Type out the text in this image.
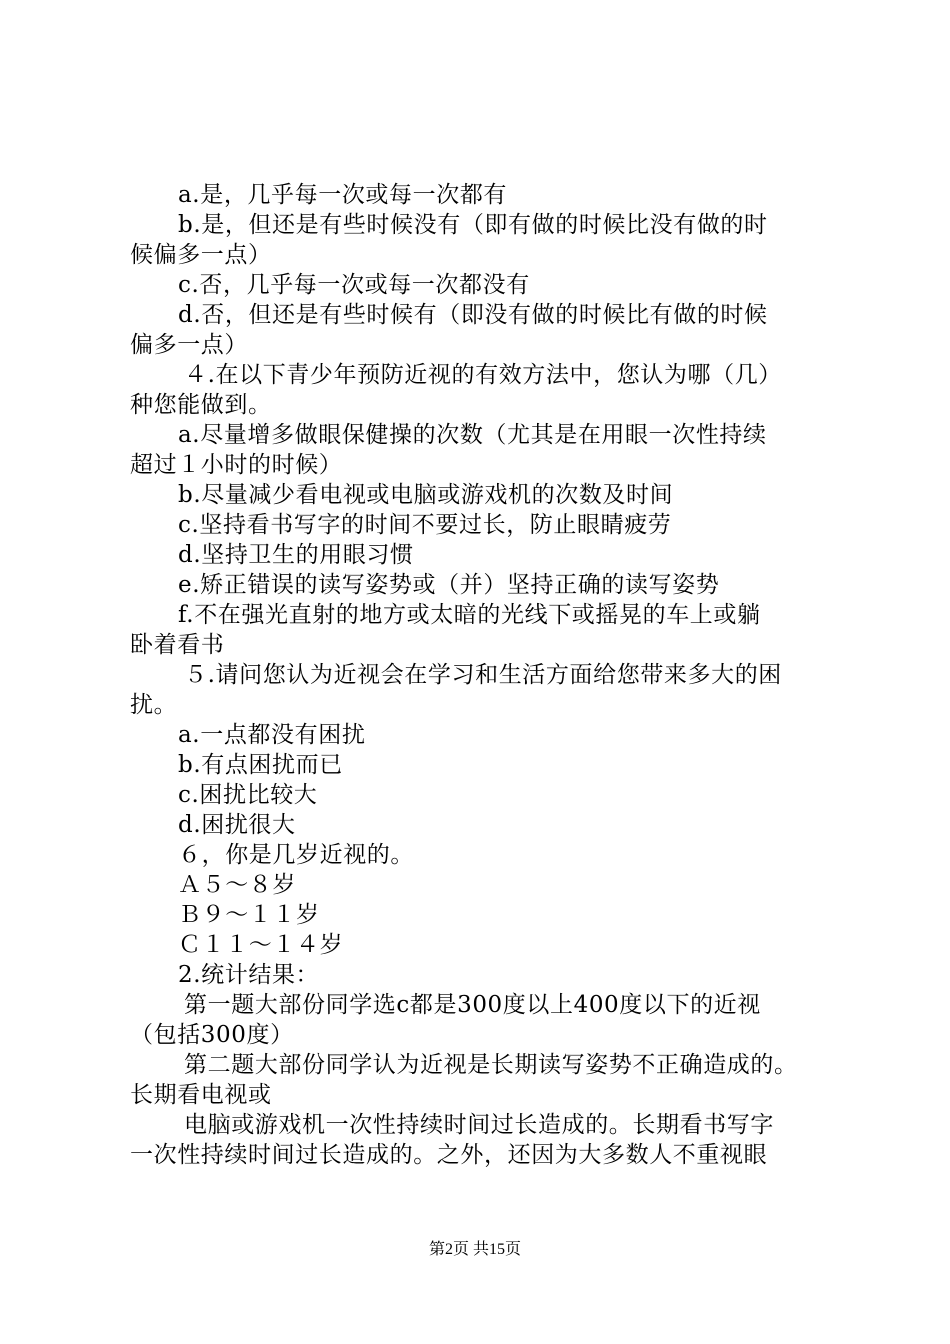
a.是，几乎每一次或每一次都有
b.是，但还是有些时候没有（即有做的时候比没有做的时
候偏多一点）
c.否，几乎每一次或每一次都没有
d.否，但还是有些时候有（即没有做的时候比有做的时候
偏多一点）
４.在以下青少年预防近视的有效方法中，您认为哪（几）
种您能做到。
a.尽量增多做眼保健操的次数（尤其是在用眼一次性持续
超过１小时的时候）
b.尽量减少看电视或电脑或游戏机的次数及时间
c.坚持看书写字的时间不要过长，防止眼睛疲劳
d.坚持卫生的用眼习惯
e.矫正错误的读写姿势或（并）坚持正确的读写姿势
f.不在强光直射的地方或太暗的光线下或摇晃的车上或躺
卧着看书
５.请问您认为近视会在学习和生活方面给您带来多大的困
扰。
a.一点都没有困扰
b.有点困扰而已
c.困扰比较大
d.困扰很大
６，你是几岁近视的。
Ａ５～８岁
Ｂ９～１１岁
Ｃ１１～１４岁
2.统计结果：
第一题大部份同学选c都是300度以上400度以下的近视
（包括300度）
第二题大部份同学认为近视是长期读写姿势不正确造成的。
长期看电视或
电脑或游戏机一次性持续时间过长造成的。长期看书写字
一次性持续时间过长造成的。之外，还因为大多数人不重视眼
第2页 共15页
